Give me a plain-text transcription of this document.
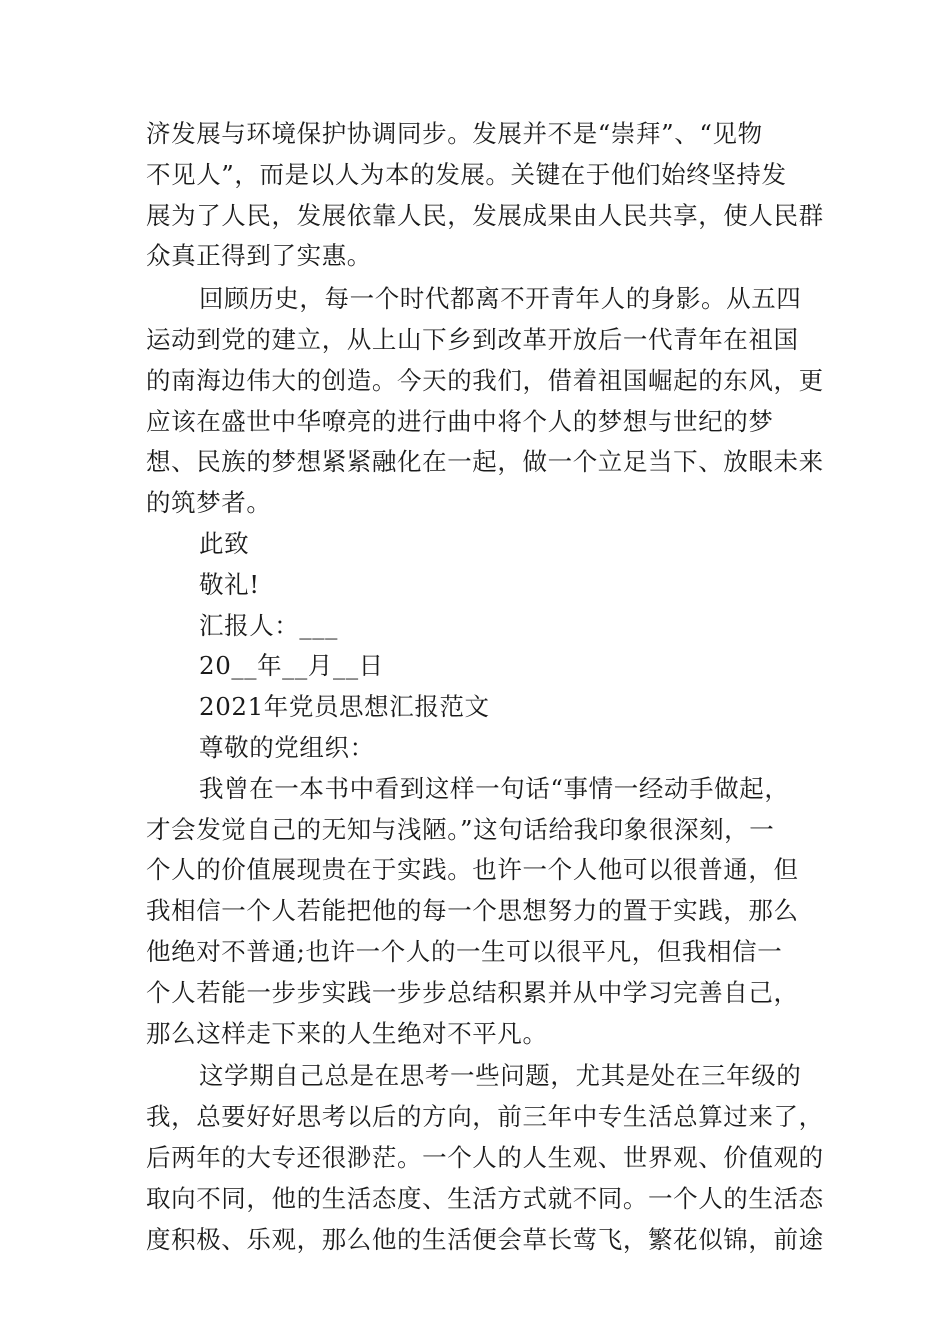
济发展与环境保护协调同步。发展并不是“崇拜”、“见物
不见人”，而是以人为本的发展。关键在于他们始终坚持发
展为了人民，发展依靠人民，发展成果由人民共享，使人民群
众真正得到了实惠。
回顾历史，每一个时代都离不开青年人的身影。从五四
运动到党的建立，从上山下乡到改革开放后一代青年在祖国
的南海边伟大的创造。今天的我们，借着祖国崛起的东风，更
应该在盛世中华嘹亮的进行曲中将个人的梦想与世纪的梦
想、民族的梦想紧紧融化在一起，做一个立足当下、放眼未来
的筑梦者。
此致
敬礼!
汇报人：___
20__年__月__日
2021年党员思想汇报范文
尊敬的党组织：
我曾在一本书中看到这样一句话“事情一经动手做起，
才会发觉自己的无知与浅陋。”这句话给我印象很深刻，一
个人的价值展现贵在于实践。也许一个人他可以很普通，但
我相信一个人若能把他的每一个思想努力的置于实践，那么
他绝对不普通;也许一个人的一生可以很平凡，但我相信一
个人若能一步步实践一步步总结积累并从中学习完善自己，
那么这样走下来的人生绝对不平凡。
这学期自己总是在思考一些问题，尤其是处在三年级的
我，总要好好思考以后的方向，前三年中专生活总算过来了，
后两年的大专还很渺茫。一个人的人生观、世界观、价值观的
取向不同，他的生活态度、生活方式就不同。一个人的生活态
度积极、乐观，那么他的生活便会草长莺飞，繁花似锦，前途
